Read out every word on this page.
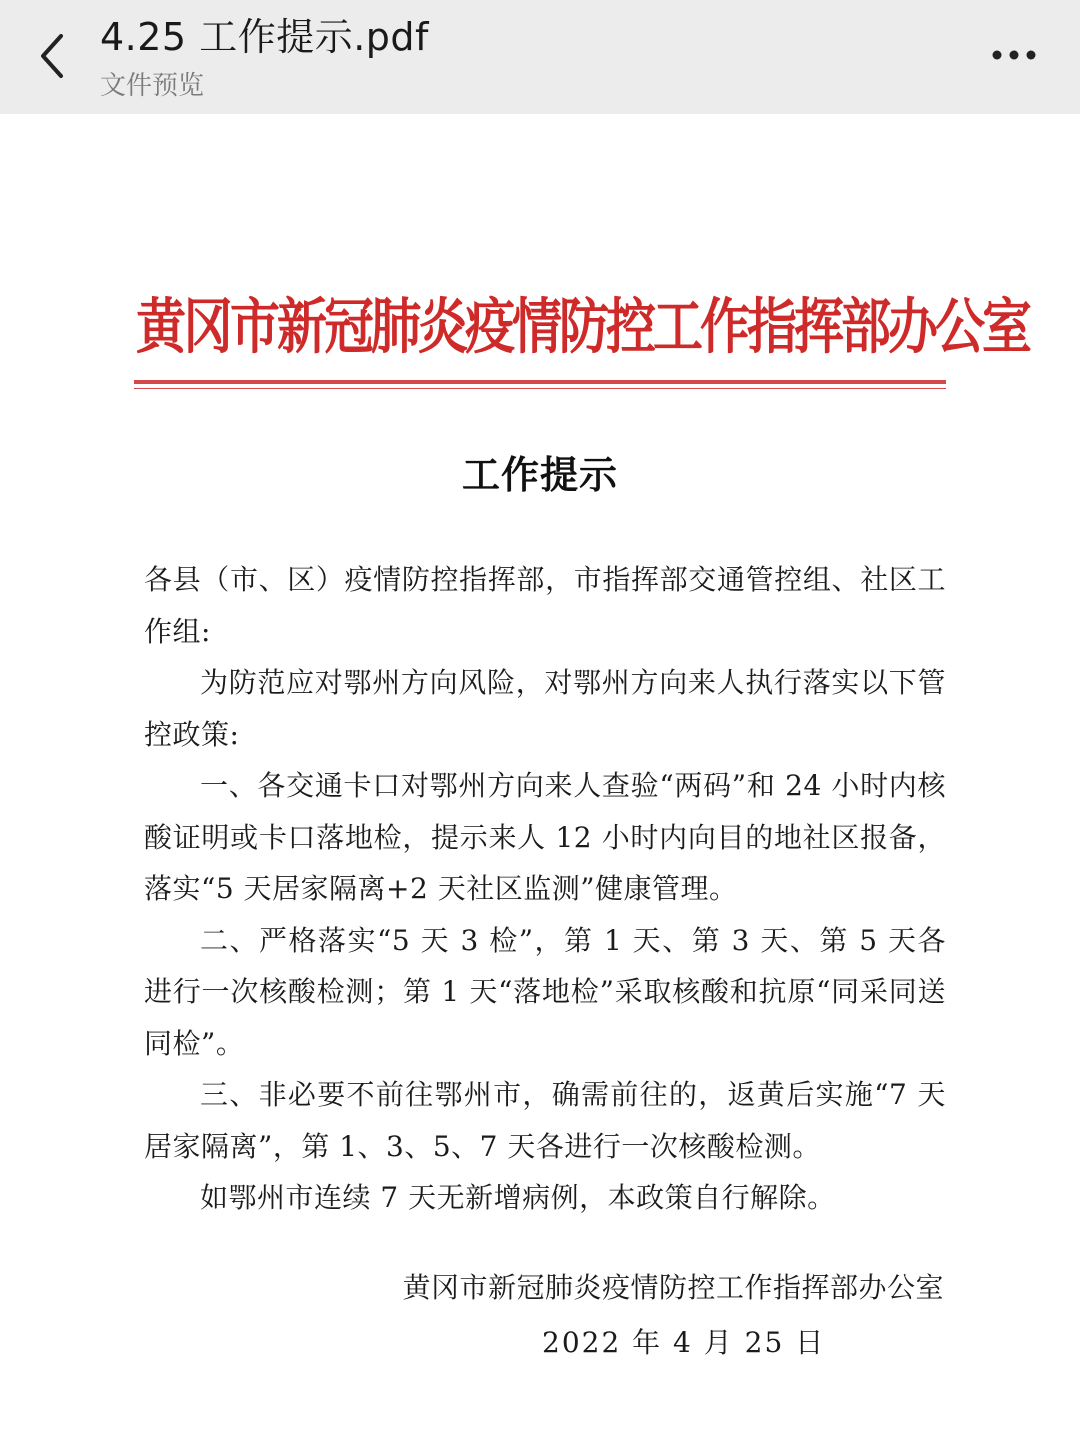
4.25 工作提示.pdf
文件预览
黄冈市新冠肺炎疫情防控工作指挥部办公室
工作提示

各县（市、区）疫情防控指挥部，市指挥部交通管控组、社区工作组:

为防范应对鄂州方向风险，对鄂州方向来人执行落实以下管控政策:

一、各交通卡口对鄂州方向来人查验“两码”和 24 小时内核酸证明或卡口落地检，提示来人 12 小时内向目的地社区报备，落实“5 天居家隔离+2 天社区监测”健康管理。

二、严格落实“5 天 3 检”，第 1 天、第 3 天、第 5 天各进行一次核酸检测；第 1 天“落地检”采取核酸和抗原“同采同送同检”。

三、非必要不前往鄂州市，确需前往的，返黄后实施“7 天居家隔离”，第 1、3、5、7 天各进行一次核酸检测。

如鄂州市连续 7 天无新增病例，本政策自行解除。

黄冈市新冠肺炎疫情防控工作指挥部办公室
2022 年 4 月 25 日
